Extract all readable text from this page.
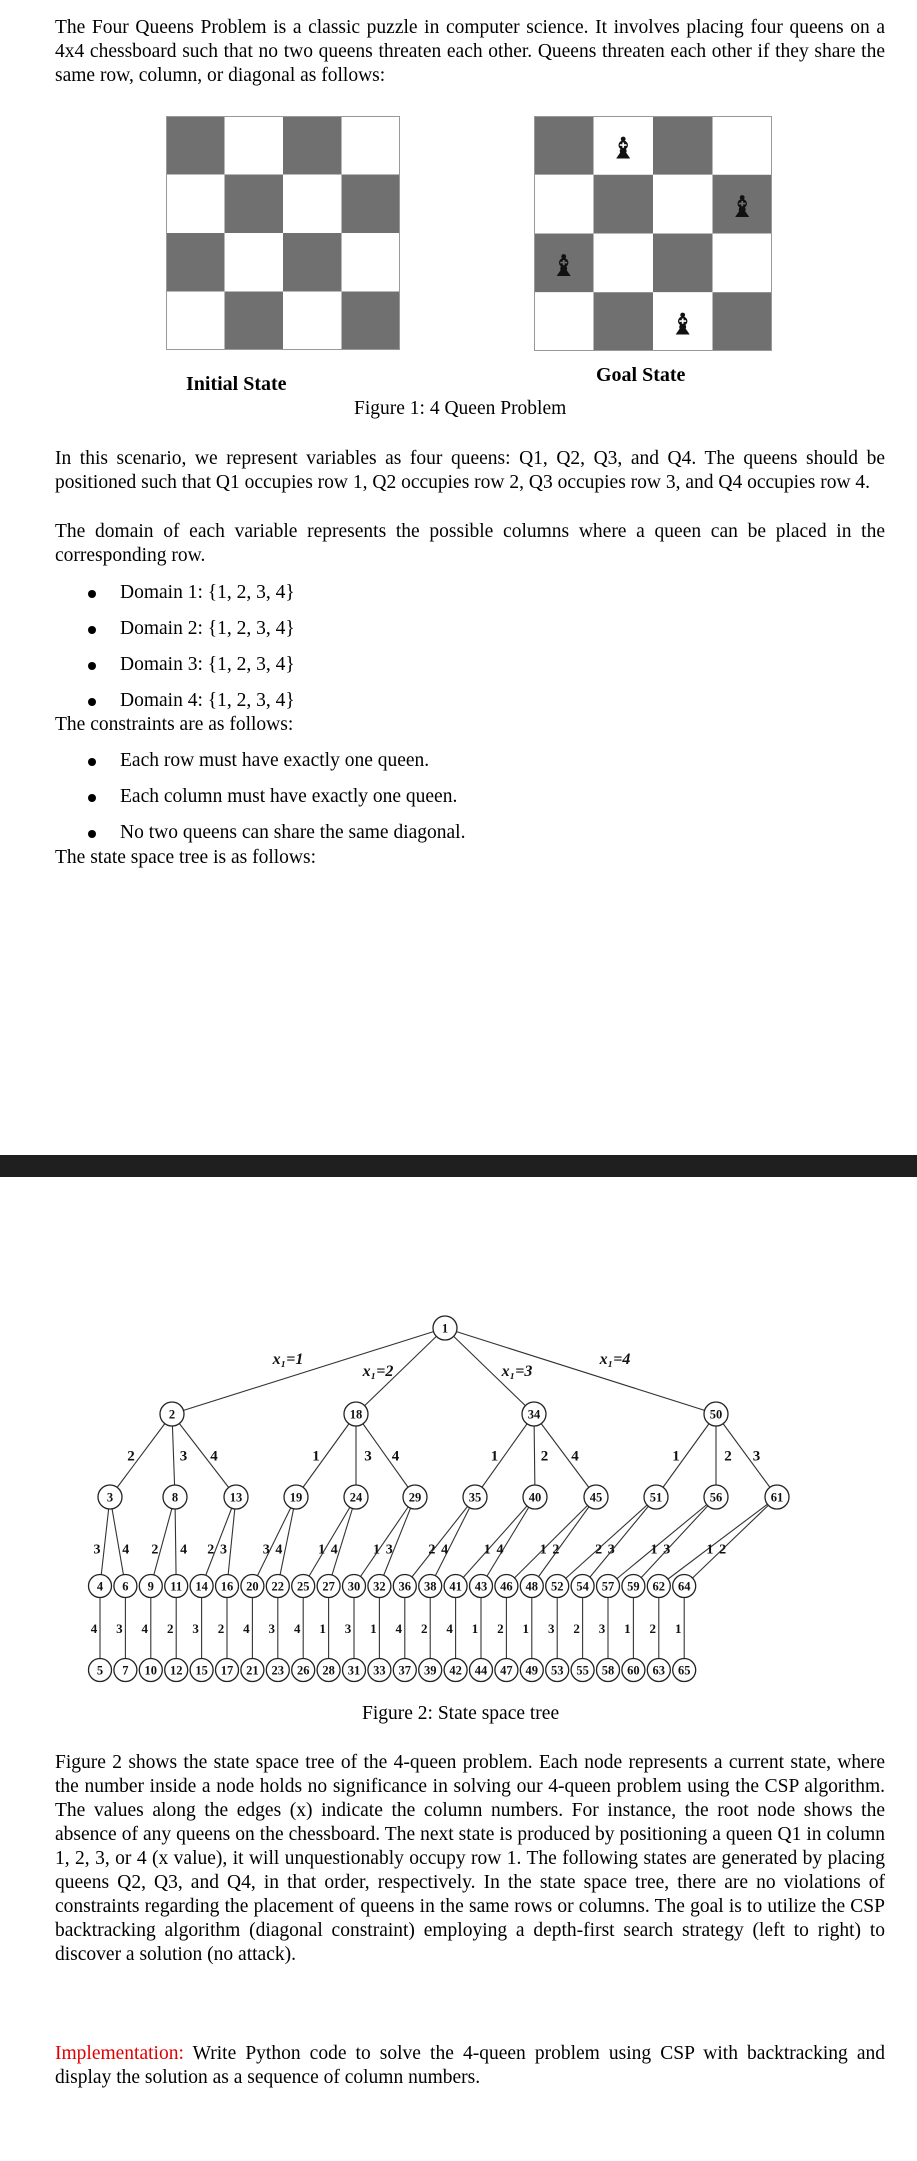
The Four Queens Problem is a classic puzzle in computer science. It involves placing four queens on a 4x4 chessboard such that no two queens threaten each other. Queens threaten each other if they share the same row, column, or diagonal as follows:

♝
♝
♝
♝
Initial State	Goal State
Figure 1: 4 Queen Problem

In this scenario, we represent variables as four queens: Q1, Q2, Q3, and Q4. The queens should be positioned such that Q1 occupies row 1, Q2 occupies row 2, Q3 occupies row 3, and Q4 occupies row 4.

The domain of each variable represents the possible columns where a queen can be placed in the corresponding row.

Domain 1: {1, 2, 3, 4}
Domain 2: {1, 2, 3, 4}
Domain 3: {1, 2, 3, 4}
Domain 4: {1, 2, 3, 4}

The constraints are as follows:

Each row must have exactly one queen.
Each column must have exactly one queen.
No two queens can share the same diagonal.

The state space tree is as follows:

x₁=1
x₁=2	x₁=3
x₁=4
2	3 4	1	3 4	1	2 4	1	2 3
3 4 2 4 2 3	3 4	1 4	1 3	2 4	1 4	1 2	2 3	1 3	1 2
4 3 4 2 3 2 4 3 4 1 3 1 4 2 4 1 2 1 3 2 3 1 2 1
1
2	18	34	50
3	8	13	19	24	29	35	40	45	51	56	61
4 6 9 11 14 16 20 22 25 27 30 32 36 38 41 43 46 48 52 54 57 59 62 64
5 7 10 12 15 17 21 23 26 28 31 33 37 39 42 44 47 49 53 55 58 60 63 65
Figure 2: State space tree

Figure 2 shows the state space tree of the 4-queen problem. Each node represents a current state, where the number inside a node holds no significance in solving our 4-queen problem using the CSP algorithm. The values along the edges (x) indicate the column numbers. For instance, the root node shows the absence of any queens on the chessboard. The next state is produced by positioning a queen Q1 in column 1, 2, 3, or 4 (x value), it will unquestionably occupy row 1. The following states are generated by placing queens Q2, Q3, and Q4, in that order, respectively. In the state space tree, there are no violations of constraints regarding the placement of queens in the same rows or columns. The goal is to utilize the CSP backtracking algorithm (diagonal constraint) employing a depth-first search strategy (left to right) to discover a solution (no attack).

Implementation: Write Python code to solve the 4-queen problem using CSP with backtracking and display the solution as a sequence of column numbers.
